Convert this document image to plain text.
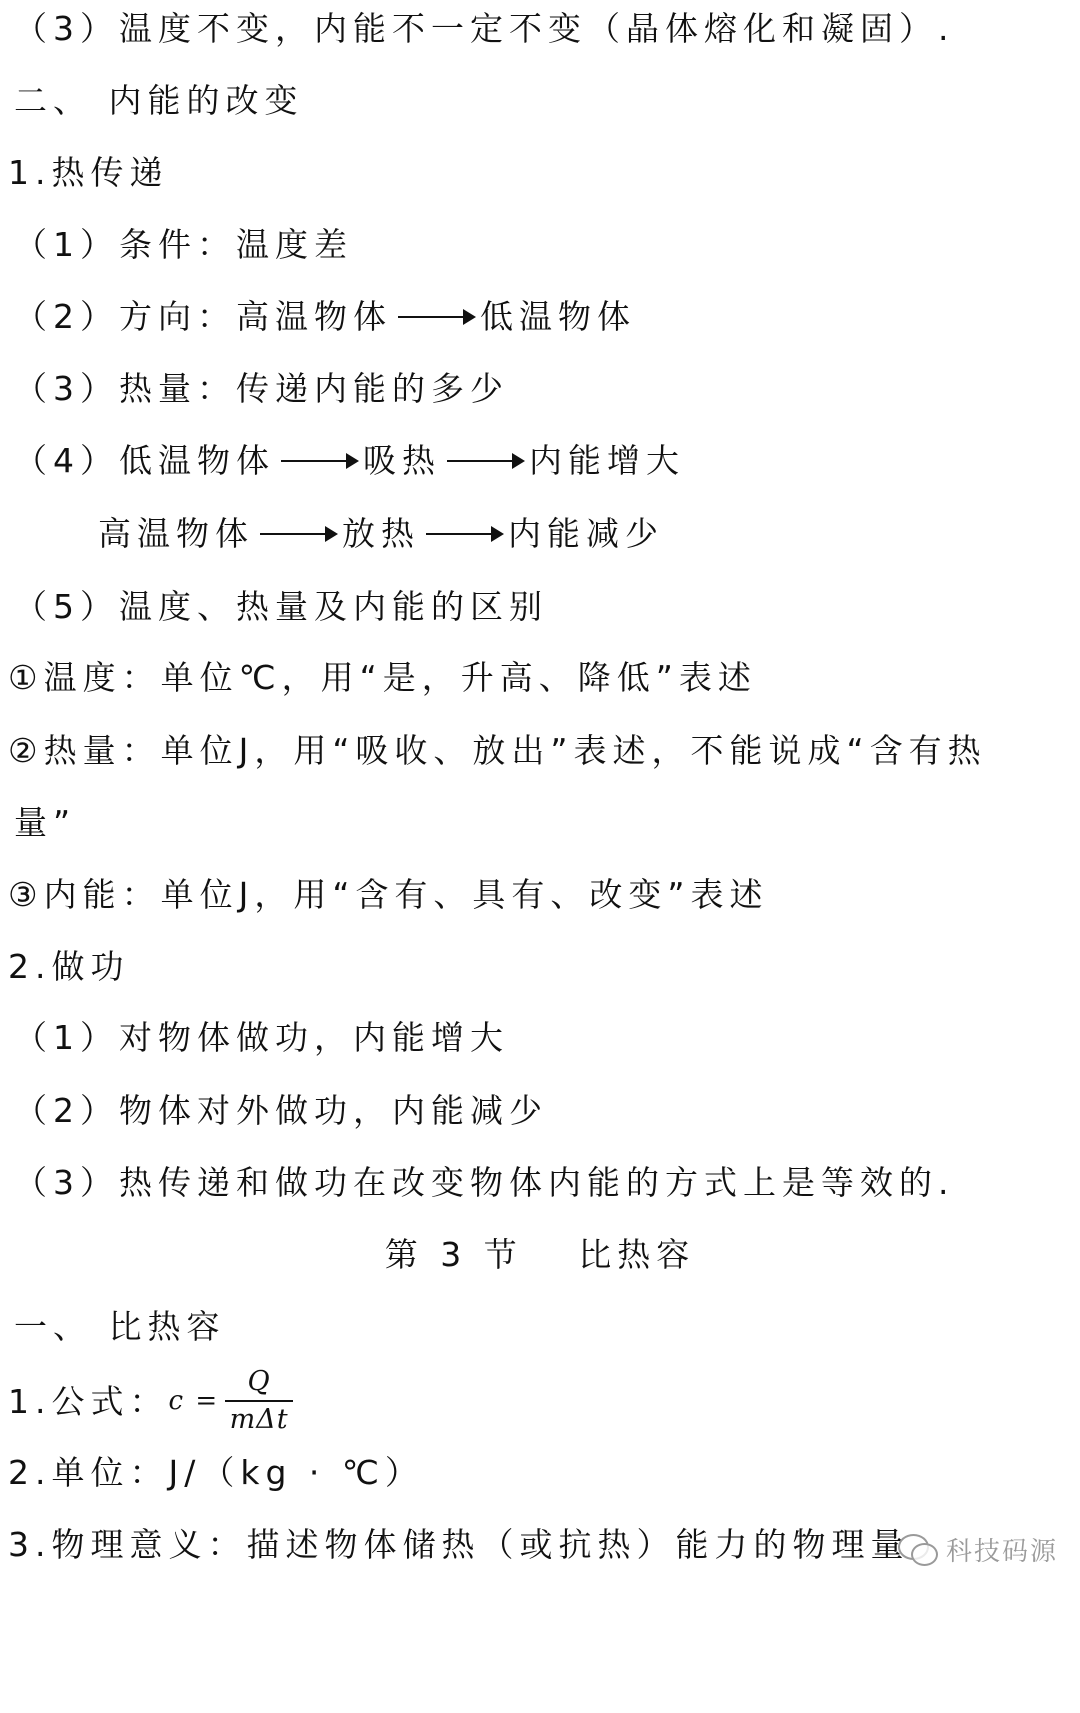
（3）温度不变，内能不一定不变（晶体熔化和凝固）.
二、 内能的改变
1.热传递
（1）条件：温度差
（2）方向：高温物体	低温物体
（3）热量：传递内能的多少
（4）低温物体	吸热	内能增大
高温物体	放热	内能减少
（5）温度、热量及内能的区别
①温度：单位℃，用“是，升高、降低”表述
②热量：单位J，用“吸收、放出”表述，不能说成“含有热
量”
③内能：单位J，用“含有、具有、改变”表述
2.做功
（1）对物体做功，内能增大
（2）物体对外做功，内能减少
（3）热传递和做功在改变物体内能的方式上是等效的.
第 3 节　 比热容
一、 比热容
1.公式： $c = \frac{Q}{\text{mΔt}}$
2.单位：J/（kg · ℃）
3.物理意义：描述物体储热（或抗热）能力的物理量 科技码源
